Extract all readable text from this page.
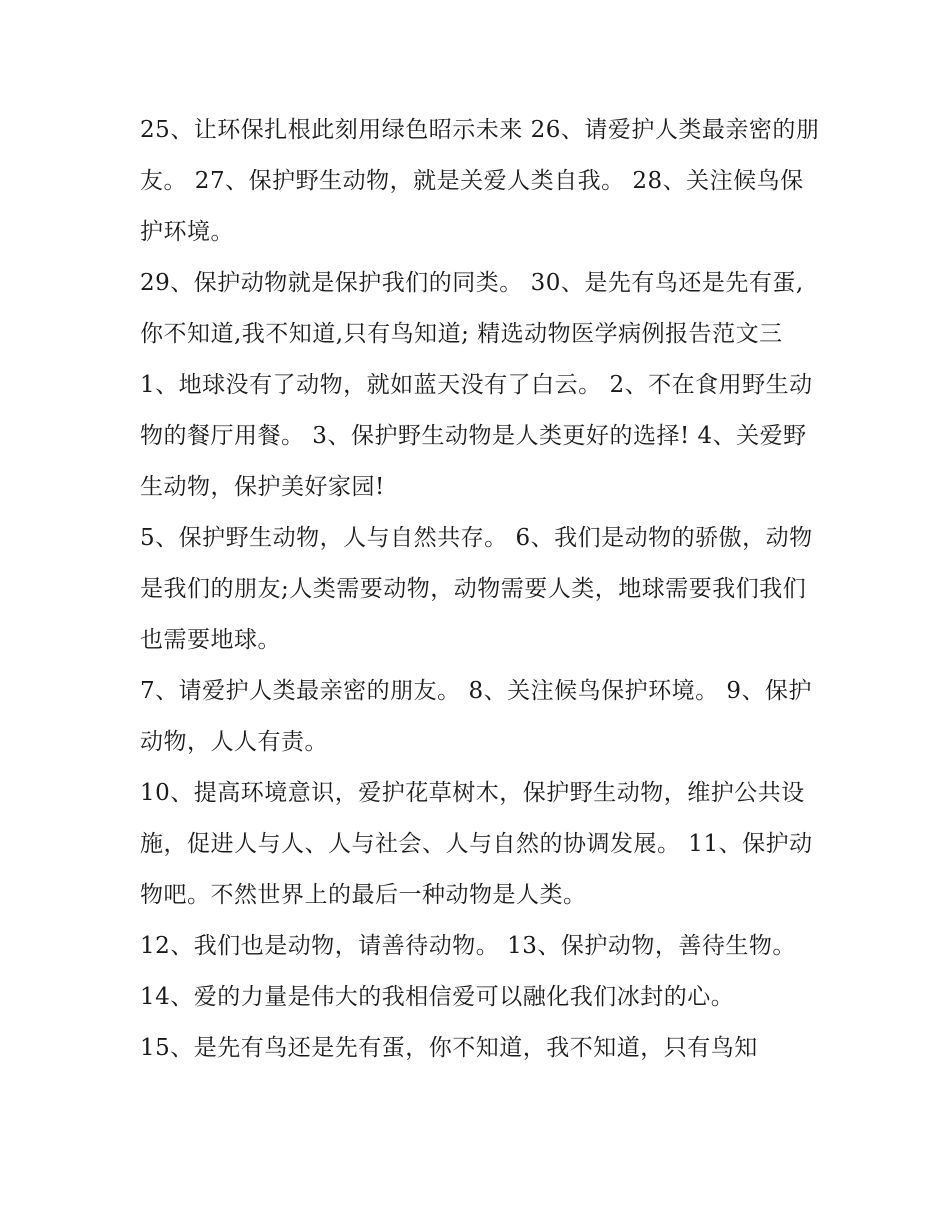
25、让环保扎根此刻用绿色昭示未来 26、请爱护人类最亲密的朋友。 27、保护野生动物，就是关爱人类自我。 28、关注候鸟保护环境。

29、保护动物就是保护我们的同类。 30、是先有鸟还是先有蛋,你不知道,我不知道,只有鸟知道; 精选动物医学病例报告范文三

1、地球没有了动物，就如蓝天没有了白云。 2、不在食用野生动物的餐厅用餐。 3、保护野生动物是人类更好的选择! 4、关爱野生动物，保护美好家园!

5、保护野生动物，人与自然共存。 6、我们是动物的骄傲，动物是我们的朋友;人类需要动物，动物需要人类，地球需要我们我们也需要地球。

7、请爱护人类最亲密的朋友。 8、关注候鸟保护环境。 9、保护动物，人人有责。

10、提高环境意识，爱护花草树木，保护野生动物，维护公共设施，促进人与人、人与社会、人与自然的协调发展。 11、保护动物吧。不然世界上的最后一种动物是人类。

12、我们也是动物，请善待动物。 13、保护动物，善待生物。

14、爱的力量是伟大的我相信爱可以融化我们冰封的心。

15、是先有鸟还是先有蛋，你不知道，我不知道，只有鸟知
